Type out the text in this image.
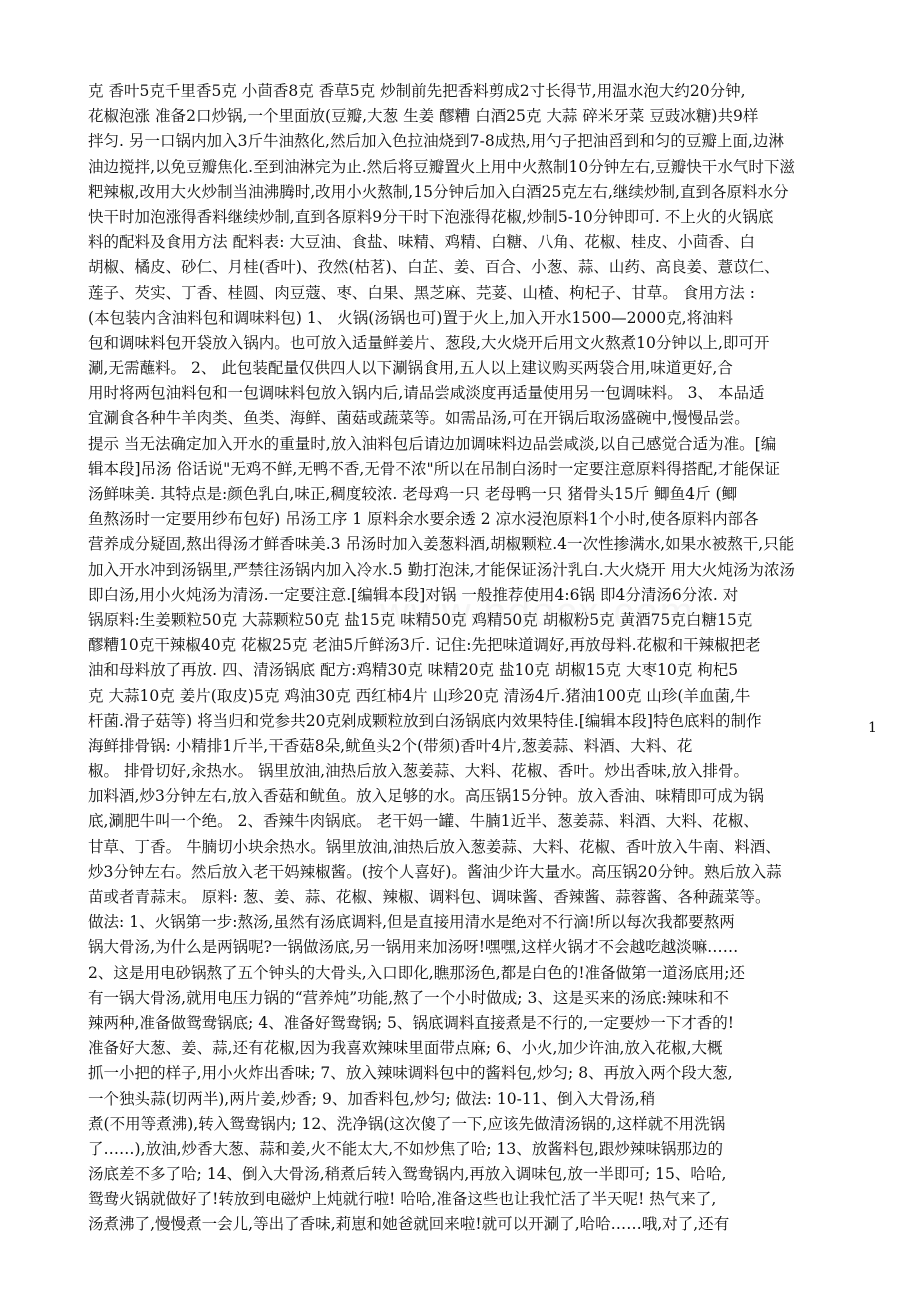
克 香叶5克千里香5克 小茴香8克 香草5克 炒制前先把香料剪成2寸长得节,用温水泡大约20分钟,
花椒泡涨 准备2口炒锅,一个里面放(豆瓣,大葱 生姜 醪糟 白酒25克 大蒜 碎米牙菜 豆豉冰糖)共9样
拌匀. 另一口锅内加入3斤牛油熬化,然后加入色拉油烧到7-8成热,用勺子把油舀到和匀的豆瓣上面,边淋
油边搅拌,以免豆瓣焦化.至到油淋完为止.然后将豆瓣置火上用中火熬制10分钟左右,豆瓣快干水气时下滋
粑辣椒,改用大火炒制当油沸腾时,改用小火熬制,15分钟后加入白酒25克左右,继续炒制,直到各原料水分
快干时加泡涨得香料继续炒制,直到各原料9分干时下泡涨得花椒,炒制5-10分钟即可. 不上火的火锅底
料的配料及食用方法 配料表: 大豆油、食盐、味精、鸡精、白糖、八角、花椒、桂皮、小茴香、白
胡椒、橘皮、砂仁、月桂(香叶)、孜然(枯茗)、白芷、姜、百合、小葱、蒜、山药、高良姜、薏苡仁、
莲子、芡实、丁香、桂圆、肉豆蔻、枣、白果、黑芝麻、芫荽、山楂、枸杞子、甘草。 食用方法 :
(本包装内含油料包和调味料包) 1、 火锅(汤锅也可)置于火上,加入开水1500—2000克,将油料
包和调味料包开袋放入锅内。也可放入适量鲜姜片、葱段,大火烧开后用文火熬煮10分钟以上,即可开
涮,无需蘸料。 2、 此包装配量仅供四人以下涮锅食用,五人以上建议购买两袋合用,味道更好,合
用时将两包油料包和一包调味料包放入锅内后,请品尝咸淡度再适量使用另一包调味料。 3、 本品适
宜涮食各种牛羊肉类、鱼类、海鲜、菌菇或蔬菜等。如需品汤,可在开锅后取汤盛碗中,慢慢品尝。
提示 当无法确定加入开水的重量时,放入油料包后请边加调味料边品尝咸淡,以自己感觉合适为准。[编
辑本段]吊汤 俗话说"无鸡不鲜,无鸭不香,无骨不浓"所以在吊制白汤时一定要注意原料得搭配,才能保证
汤鲜味美. 其特点是:颜色乳白,味正,稠度较浓. 老母鸡一只 老母鸭一只 猪骨头15斤 鲫鱼4斤 (鲫
鱼熬汤时一定要用纱布包好) 吊汤工序 1 原料余水要余透 2 凉水浸泡原料1个小时,使各原料内部各
营养成分疑固,熬出得汤才鲜香味美.3 吊汤时加入姜葱料酒,胡椒颗粒.4一次性掺满水,如果水被熬干,只能
加入开水冲到汤锅里,严禁往汤锅内加入冷水.5 勤打泡沫,才能保证汤汁乳白.大火烧开 用大火炖汤为浓汤
即白汤,用小火炖汤为清汤.一定要注意.[编辑本段]对锅 一般推荐使用4:6锅 即4分清汤6分浓. 对
锅原料:生姜颗粒50克 大蒜颗粒50克 盐15克 味精50克 鸡精50克 胡椒粉5克 黄酒75克白糖15克
醪糟10克干辣椒40克 花椒25克 老油5斤鲜汤3斤. 记住:先把味道调好,再放母料.花椒和干辣椒把老
油和母料放了再放. 四、清汤锅底 配方:鸡精30克 味精20克 盐10克 胡椒15克 大枣10克 枸杞5
克 大蒜10克 姜片(取皮)5克 鸡油30克 西红柿4片 山珍20克 清汤4斤.猪油100克 山珍(羊血菌,牛
杆菌.滑子菇等) 将当归和党参共20克剁成颗粒放到白汤锅底内效果特佳.[编辑本段]特色底料的制作
海鲜排骨锅: 小精排1斤半,干香菇8朵,鱿鱼头2个(带须)香叶4片,葱姜蒜、料酒、大料、花
椒。 排骨切好,汆热水。 锅里放油,油热后放入葱姜蒜、大料、花椒、香叶。炒出香味,放入排骨。
加料酒,炒3分钟左右,放入香菇和鱿鱼。放入足够的水。高压锅15分钟。放入香油、味精即可成为锅
底,涮肥牛叫一个绝。 2、香辣牛肉锅底。 老干妈一罐、牛腩1近半、葱姜蒜、料酒、大料、花椒、
甘草、丁香。 牛腩切小块余热水。锅里放油,油热后放入葱姜蒜、大料、花椒、香叶放入牛南、料酒、
炒3分钟左右。然后放入老干妈辣椒酱。(按个人喜好)。酱油少许大量水。高压锅20分钟。熟后放入蒜
苗或者青蒜末。 原料: 葱、姜、蒜、花椒、辣椒、调料包、调味酱、香辣酱、蒜蓉酱、各种蔬菜等。
做法: 1、火锅第一步:熬汤,虽然有汤底调料,但是直接用清水是绝对不行滴!所以每次我都要熬两
锅大骨汤,为什么是两锅呢?一锅做汤底,另一锅用来加汤呀!嘿嘿,这样火锅才不会越吃越淡嘛……
2、这是用电砂锅熬了五个钟头的大骨头,入口即化,瞧那汤色,都是白色的!准备做第一道汤底用;还
有一锅大骨汤,就用电压力锅的“营养炖”功能,熬了一个小时做成; 3、这是买来的汤底:辣味和不
辣两种,准备做鸳鸯锅底; 4、准备好鸳鸯锅; 5、锅底调料直接煮是不行的,一定要炒一下才香的!
准备好大葱、姜、蒜,还有花椒,因为我喜欢辣味里面带点麻; 6、小火,加少许油,放入花椒,大概
抓一小把的样子,用小火炸出香味; 7、放入辣味调料包中的酱料包,炒匀; 8、再放入两个段大葱,
一个独头蒜(切两半),两片姜,炒香; 9、加香料包,炒匀; 做法: 10-11、倒入大骨汤,稍
煮(不用等煮沸),转入鸳鸯锅内; 12、洗净锅(这次傻了一下,应该先做清汤锅的,这样就不用洗锅
了……),放油,炒香大葱、蒜和姜,火不能太大,不如炒焦了哈; 13、放酱料包,跟炒辣味锅那边的
汤底差不多了哈; 14、倒入大骨汤,稍煮后转入鸳鸯锅内,再放入调味包,放一半即可; 15、哈哈,
鸳鸯火锅就做好了!转放到电磁炉上炖就行啦! 哈哈,准备这些也让我忙活了半天呢! 热气来了,
汤煮沸了,慢慢煮一会儿,等出了香味,莉崽和她爸就回来啦!就可以开涮了,哈哈……哦,对了,还有
1
